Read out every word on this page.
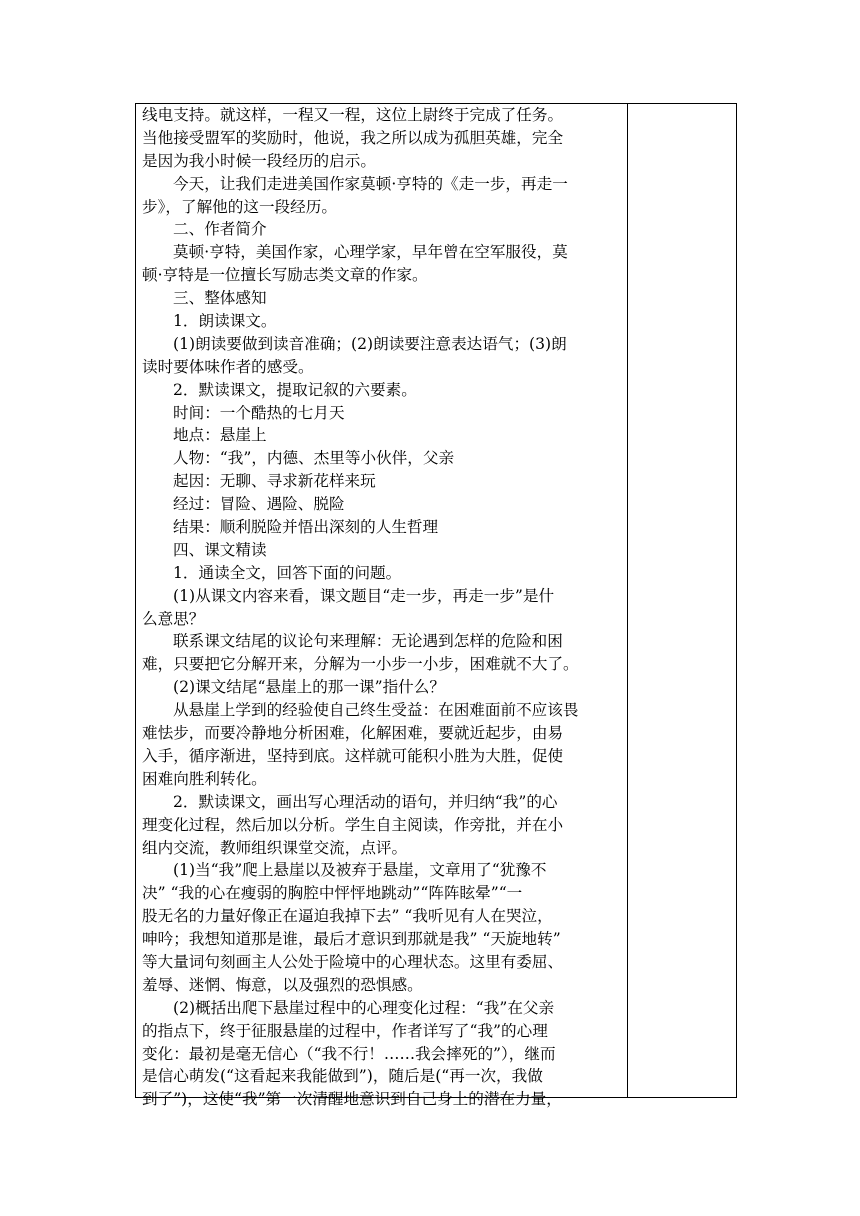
线电支持。就这样，一程又一程，这位上尉终于完成了任务。
当他接受盟军的奖励时，他说，我之所以成为孤胆英雄，完全
是因为我小时候一段经历的启示。
今天，让我们走进美国作家莫顿·亨特的《走一步，再走一
步》，了解他的这一段经历。
二、作者简介
莫顿·亨特，美国作家，心理学家，早年曾在空军服役，莫
顿·亨特是一位擅长写励志类文章的作家。
三、整体感知
1．朗读课文。
(1)朗读要做到读音准确；(2)朗读要注意表达语气；(3)朗
读时要体味作者的感受。
2．默读课文，提取记叙的六要素。
时间：一个酷热的七月天
地点：悬崖上
人物：“我”，内德、杰里等小伙伴，父亲
起因：无聊、寻求新花样来玩
经过：冒险、遇险、脱险
结果：顺利脱险并悟出深刻的人生哲理
四、课文精读
1．通读全文，回答下面的问题。
(1)从课文内容来看，课文题目“走一步，再走一步”是什
么意思？
联系课文结尾的议论句来理解：无论遇到怎样的危险和困
难，只要把它分解开来，分解为一小步一小步，困难就不大了。
(2)课文结尾“悬崖上的那一课”指什么？
从悬崖上学到的经验使自己终生受益：在困难面前不应该畏
难怯步，而要冷静地分析困难，化解困难，要就近起步，由易
入手，循序渐进，坚持到底。这样就可能积小胜为大胜，促使
困难向胜利转化。
2．默读课文，画出写心理活动的语句，并归纳“我”的心
理变化过程，然后加以分析。学生自主阅读，作旁批，并在小
组内交流，教师组织课堂交流，点评。
(1)当“我”爬上悬崖以及被弃于悬崖，文章用了“犹豫不
决” “我的心在瘦弱的胸腔中怦怦地跳动”“阵阵眩晕”“一
股无名的力量好像正在逼迫我掉下去” “我听见有人在哭泣，
呻吟；我想知道那是谁，最后才意识到那就是我” “天旋地转”
等大量词句刻画主人公处于险境中的心理状态。这里有委屈、
羞辱、迷惘、悔意，以及强烈的恐惧感。
(2)概括出爬下悬崖过程中的心理变化过程：“我”在父亲
的指点下，终于征服悬崖的过程中，作者详写了“我”的心理
变化：最初是毫无信心（“我不行！……我会摔死的”），继而
是信心萌发(“这看起来我能做到”)，随后是(“再一次，我做
到了”)，这使“我”第一次清醒地意识到自己身上的潜在力量，
